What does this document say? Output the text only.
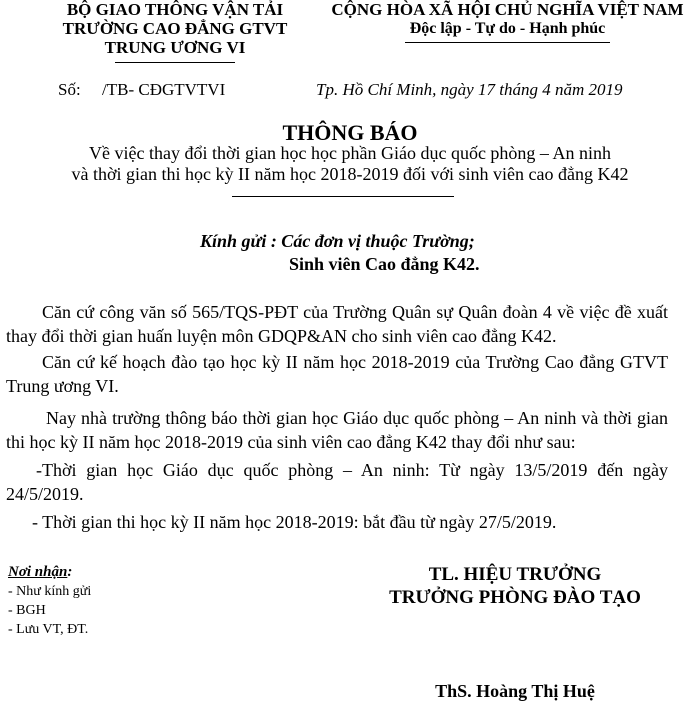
BỘ GIAO THÔNG VẬN TẢI
TRƯỜNG CAO ĐẲNG GTVT
TRUNG ƯƠNG VI
CỘNG HÒA XÃ HỘI CHỦ NGHĨA VIỆT NAM
Độc lập - Tự do - Hạnh phúc
Số: /TB- CĐGTVTVI	Tp. Hồ Chí Minh, ngày 17 tháng 4 năm 2019
THÔNG BÁO
Về việc thay đổi thời gian học học phần Giáo dục quốc phòng – An ninh
và thời gian thi học kỳ II năm học 2018-2019 đối với sinh viên cao đẳng K42
Kính gửi : Các đơn vị thuộc Trường;
Sinh viên Cao đẳng K42.
Căn cứ công văn số 565/TQS-PĐT của Trường Quân sự Quân đoàn 4 về việc đề xuất thay đổi thời gian huấn luyện môn GDQP&AN cho sinh viên cao đẳng K42.
Căn cứ kế hoạch đào tạo học kỳ II năm học 2018-2019 của Trường Cao đẳng GTVT Trung ương VI.
Nay nhà trường thông báo thời gian học Giáo dục quốc phòng – An ninh và thời gian thi học kỳ II năm học 2018-2019 của sinh viên cao đẳng K42 thay đổi như sau:
-Thời gian học Giáo dục quốc phòng – An ninh: Từ ngày 13/5/2019 đến ngày 24/5/2019.
- Thời gian thi học kỳ II năm học 2018-2019: bắt đầu từ ngày 27/5/2019.
Nơi nhận:
- Như kính gửi
- BGH
- Lưu VT, ĐT.
TL. HIỆU TRƯỞNG
TRƯỞNG PHÒNG ĐÀO TẠO
ThS. Hoàng Thị Huệ
